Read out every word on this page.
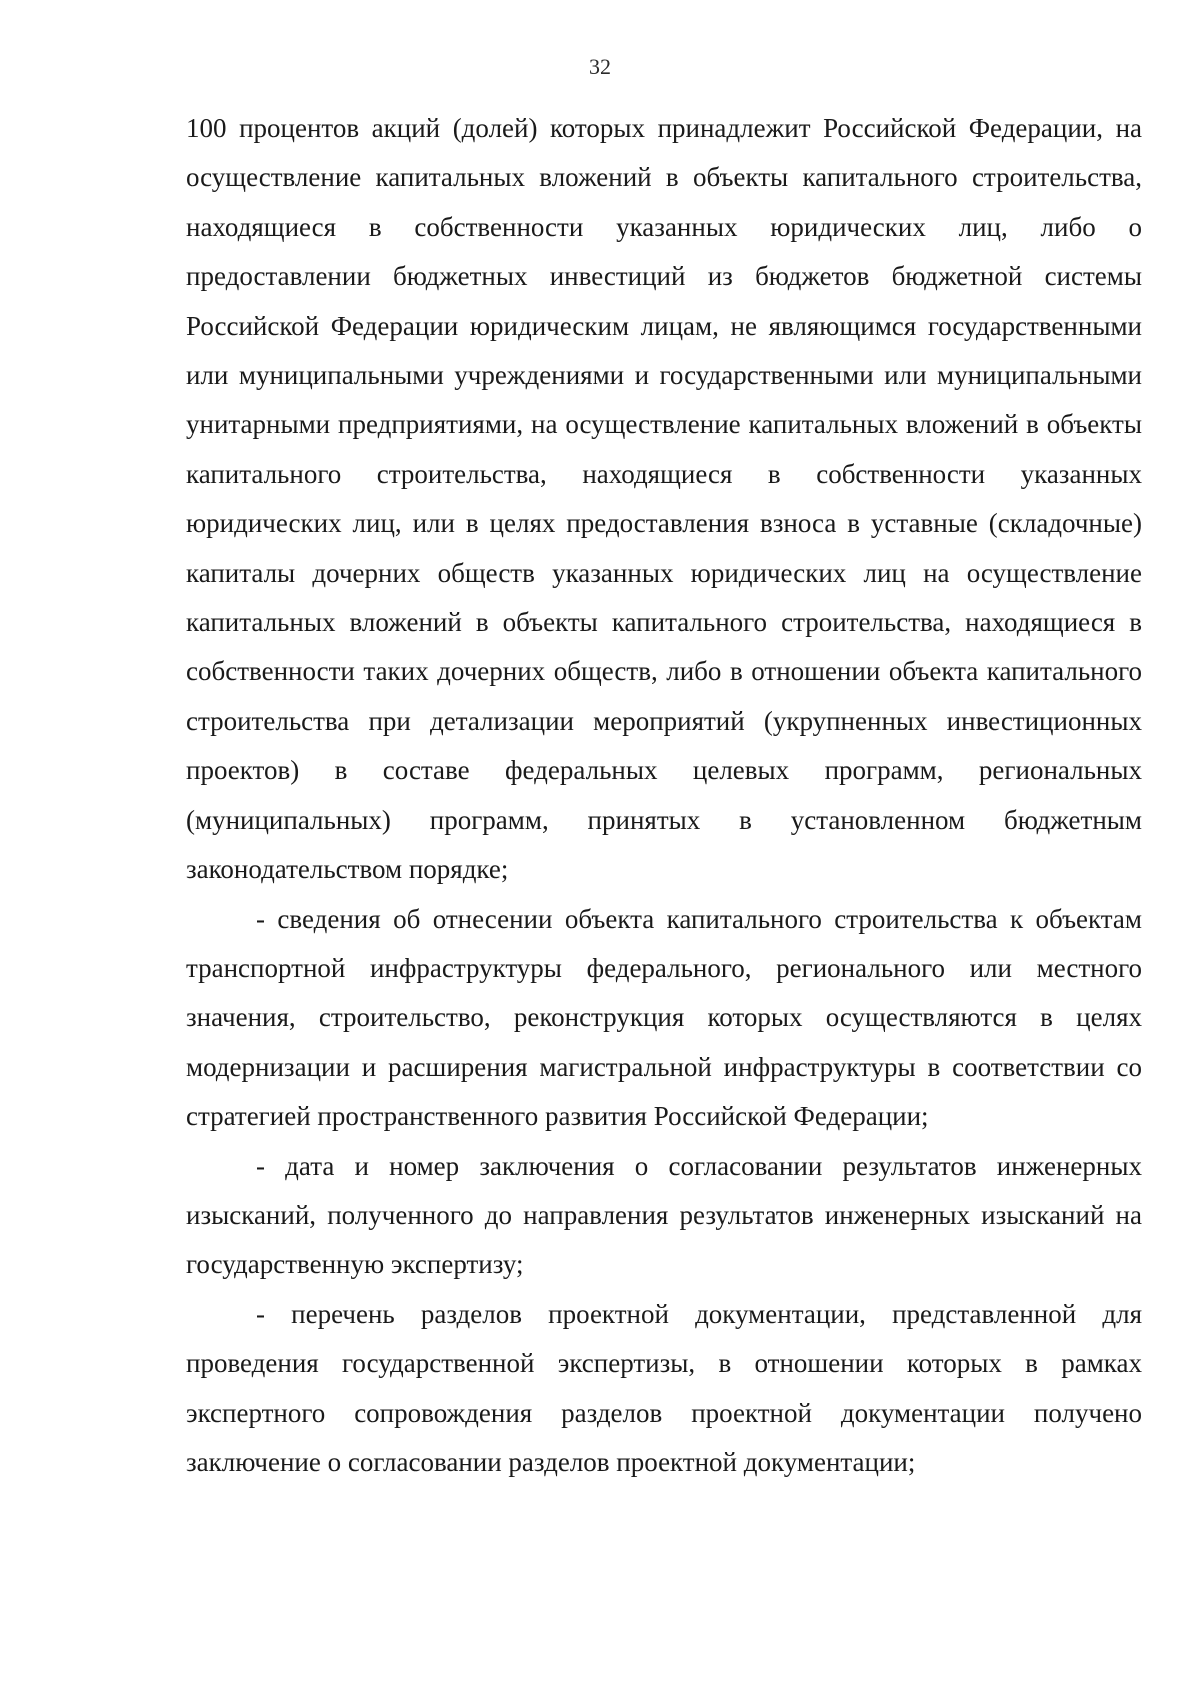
32

100 процентов акций (долей) которых принадлежит Российской Федерации, на осуществление капитальных вложений в объекты капитального строительства, находящиеся в собственности указанных юридических лиц, либо о предоставлении бюджетных инвестиций из бюджетов бюджетной системы Российской Федерации юридическим лицам, не являющимся государственными или муниципальными учреждениями и государственными или муниципальными унитарными предприятиями, на осуществление капитальных вложений в объекты капитального строительства, находящиеся в собственности указанных юридических лиц, или в целях предоставления взноса в уставные (складочные) капиталы дочерних обществ указанных юридических лиц на осуществление капитальных вложений в объекты капитального строительства, находящиеся в собственности таких дочерних обществ, либо в отношении объекта капитального строительства при детализации мероприятий (укрупненных инвестиционных проектов) в составе федеральных целевых программ, региональных (муниципальных) программ, принятых в установленном бюджетным законодательством порядке;

- сведения об отнесении объекта капитального строительства к объектам транспортной инфраструктуры федерального, регионального или местного значения, строительство, реконструкция которых осуществляются в целях модернизации и расширения магистральной инфраструктуры в соответствии со стратегией пространственного развития Российской Федерации;

- дата и номер заключения о согласовании результатов инженерных изысканий, полученного до направления результатов инженерных изысканий на государственную экспертизу;

- перечень разделов проектной документации, представленной для проведения государственной экспертизы, в отношении которых в рамках экспертного сопровождения разделов проектной документации получено заключение о согласовании разделов проектной документации;
